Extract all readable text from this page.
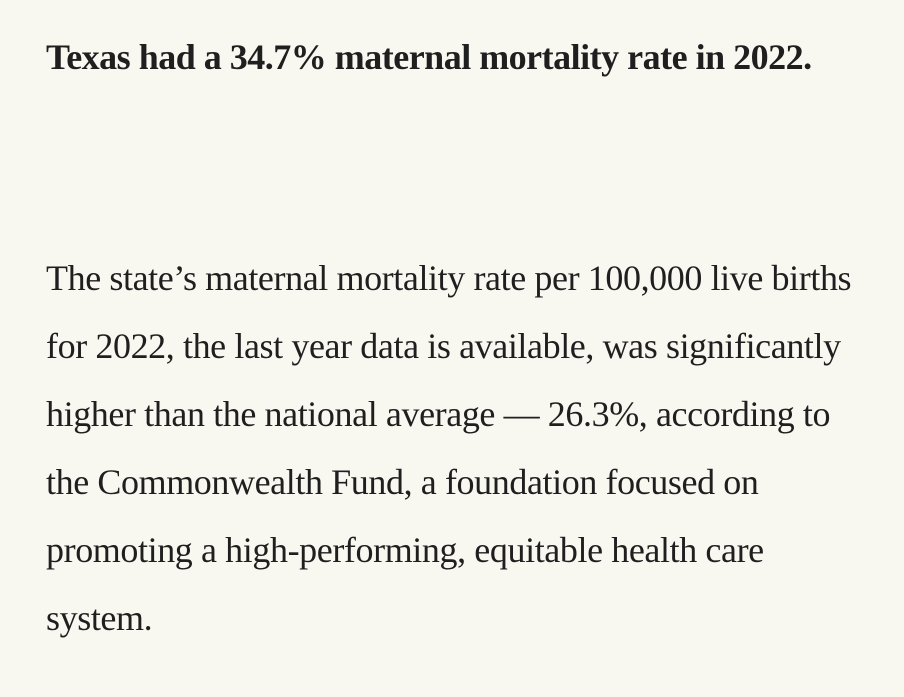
Texas had a 34.7% maternal mortality rate in 2022.

The state’s maternal mortality rate per 100,000 live births for 2022, the last year data is available, was significantly higher than the national average — 26.3%, according to the Commonwealth Fund, a foundation focused on promoting a high-performing, equitable health care system.
